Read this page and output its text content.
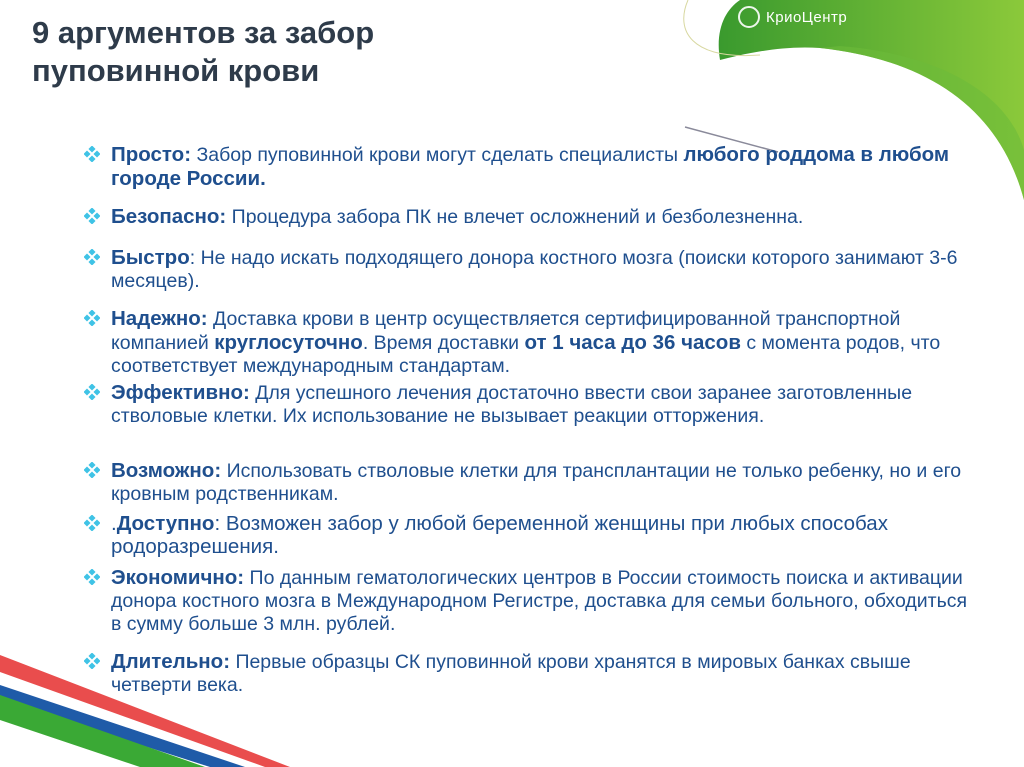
КриоЦентр
9 аргументов за забор
пуповинной крови
Просто: Забор пуповинной крови могут сделать специалисты любого роддома в любом городе России.
Безопасно: Процедура забора ПК не влечет осложнений и безболезненна.
Быстро: Не надо искать подходящего донора костного мозга (поиски которого занимают 3-6 месяцев).
Надежно: Доставка крови в центр осуществляется сертифицированной транспортной компанией круглосуточно. Время доставки от 1 часа до 36 часов с момента родов, что соответствует международным стандартам.
Эффективно: Для успешного лечения достаточно ввести свои заранее заготовленные стволовые клетки. Их использование не вызывает реакции отторжения.
Возможно: Использовать стволовые клетки для трансплантации не только ребенку, но и его кровным родственникам.
.Доступно: Возможен забор у любой беременной женщины при любых способах родоразрешения.
Экономично: По данным гематологических центров в России стоимость поиска и активации донора костного мозга в Международном Регистре, доставка для семьи больного, обходиться в сумму больше 3 млн. рублей.
Длительно: Первые образцы СК пуповинной крови хранятся в мировых банках свыше четверти века.
